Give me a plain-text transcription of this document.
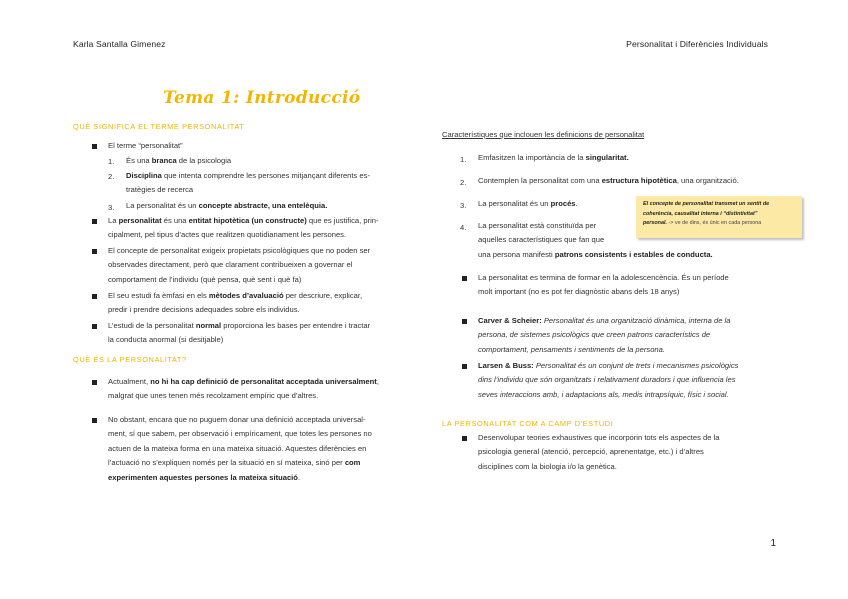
Karla Santalla Gimenez	Personalitat i Diferències Individuals
Tema 1: Introducció
QUÈ SIGNIFICA EL TERME PERSONALITAT
El terme “personalitat”
1. És una branca de la psicologia
2. Disciplina que intenta comprendre les persones mitjançant diferents es-
tratègies de recerca
3. La personalitat és un concepte abstracte, una entelèquia.
La personalitat és una entitat hipotètica (un constructe) que es justifica, prin-
cipalment, pel tipus d’actes que realitzen quotidianament les persones.
El concepte de personalitat exigeix propietats psicològiques que no poden ser
observades directament, però que clarament contribueixen a governar el
comportament de l’individu (què pensa, què sent i què fa)
El seu estudi fa èmfasi en els mètodes d’avaluació per descriure, explicar,
predir i prendre decisions adequades sobre els individus.
L’estudi de la personalitat normal proporciona les bases per entendre i tractar
la conducta anormal (si desitjable)
QUÈ ÉS LA PERSONALITAT?
Actualment, no hi ha cap definició de personalitat acceptada universalment,
malgrat que unes tenen més recolzament empíric que d’altres.
No obstant, encara que no puguem donar una definició acceptada universal-
ment, sí que sabem, per observació i empíricament, que totes les persones no
actuen de la mateixa forma en una mateixa situació. Aquestes diferències en
l’actuació no s’expliquen només per la situació en sí mateixa, sinó per com
experimenten aquestes persones la mateixa situació.
Característiques que inclouen les definicions de personalitat
1. Emfasitzen la importància de la singularitat.
2. Contemplen la personalitat com una estructura hipotètica, una organització.
3. La personalitat és un procés.
4. La personalitat està constituïda per
aquelles característiques que fan que
una persona manifesti patrons consistents i estables de conducta.
El concepte de personalitat transmet un sentit de
coherència, causalitat interna i “distintivitat”
personal. -> ve de dins, és únic en cada persona
La personalitat es termina de formar en la adolescencència. És un període
molt important (no es pot fer diagnòstic abans dels 18 anys)
Carver & Scheier: Personalitat és una organització dinàmica, interna de la
persona, de sistemes psicològics que creen patrons característics de
comportament, pensaments i sentiments de la persona.
Larsen & Buss: Personalitat és un conjunt de trets i mecanismes psicològics
dins l’individu que són organitzats i relativament duradors i que influencia les
seves interaccions amb, i adaptacions als, medis intrapsíquic, físic i social.
LA PERSONALITAT COM A CAMP D'ESTUDI
Desenvolupar teories exhaustives que incorporin tots els aspectes de la
psicologia general (atenció, percepció, aprenentatge, etc.) i d’altres
disciplines com la biologia i/o la genètica.
1
